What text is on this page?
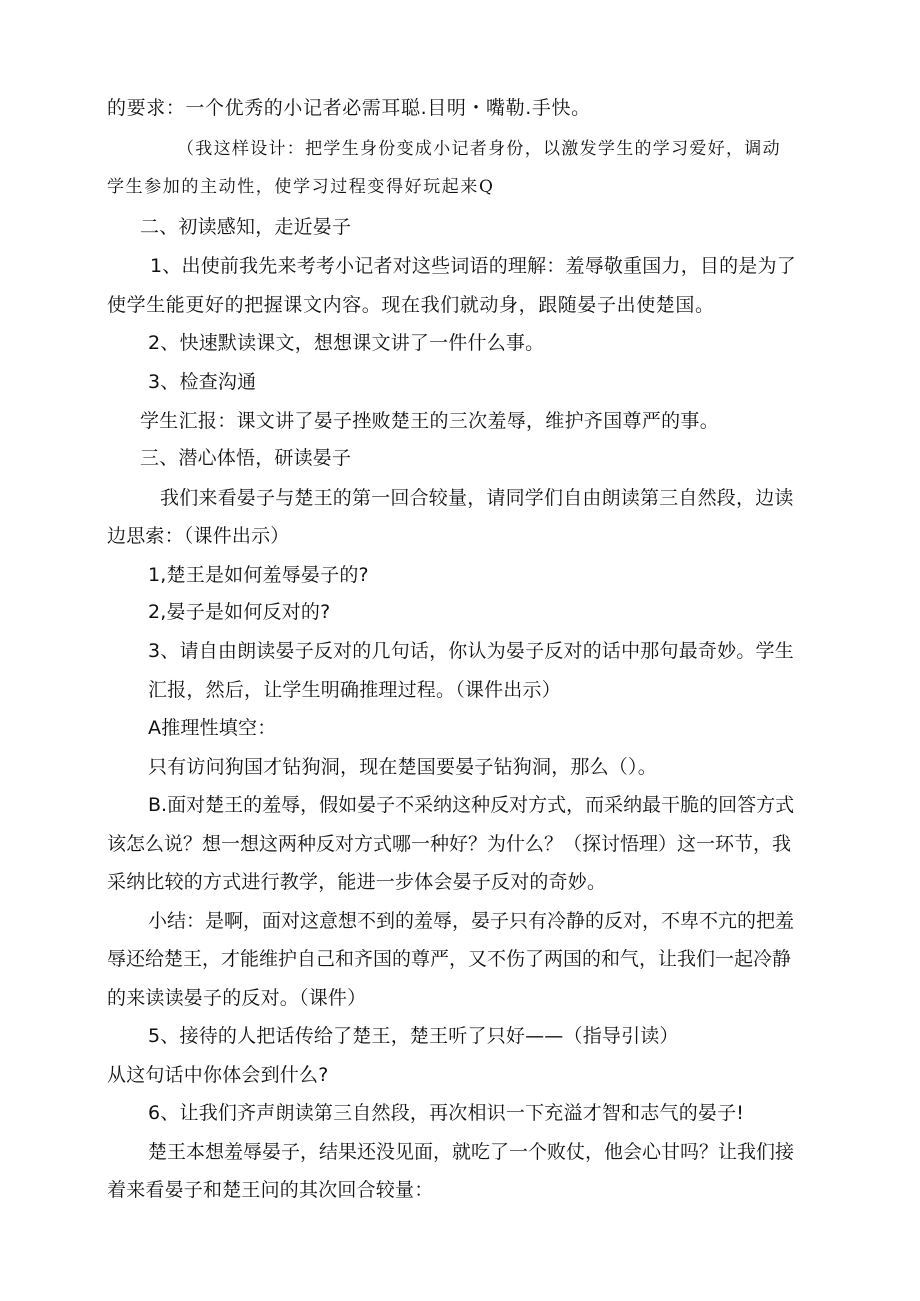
的要求：一个优秀的小记者必需耳聪.目明・嘴勒.手快。
（我这样设计：把学生身份变成小记者身份，以激发学生的学习爱好，调动
学生参加的主动性，使学习过程变得好玩起来Q
二、初读感知，走近晏子
1、出使前我先来考考小记者对这些词语的理解：羞辱敬重国力，目的是为了
使学生能更好的把握课文内容。现在我们就动身，跟随晏子出使楚国。
2、快速默读课文，想想课文讲了一件什么事。
3、检查沟通
学生汇报：课文讲了晏子挫败楚王的三次羞辱，维护齐国尊严的事。
三、潜心体悟，研读晏子
我们来看晏子与楚王的第一回合较量，请同学们自由朗读第三自然段，边读
边思索：（课件出示）
1,楚王是如何羞辱晏子的?
2,晏子是如何反对的?
3、请自由朗读晏子反对的几句话，你认为晏子反对的话中那句最奇妙。学生
汇报，然后，让学生明确推理过程。（课件出示）
A推理性填空：
只有访问狗国才钻狗洞，现在楚国要晏子钻狗洞，那么（）。
B.面对楚王的羞辱，假如晏子不采纳这种反对方式，而采纳最干脆的回答方式
该怎么说？想一想这两种反对方式哪一种好？为什么？（探讨悟理）这一环节，我
采纳比较的方式进行教学，能进一步体会晏子反对的奇妙。
小结：是啊，面对这意想不到的羞辱，晏子只有冷静的反对，不卑不亢的把羞
辱还给楚王，才能维护自己和齐国的尊严，又不伤了两国的和气，让我们一起冷静
的来读读晏子的反对。（课件）
5、接待的人把话传给了楚王，楚王听了只好——（指导引读）
从这句话中你体会到什么?
6、让我们齐声朗读第三自然段，再次相识一下充溢才智和志气的晏子!
楚王本想羞辱晏子，结果还没见面，就吃了一个败仗，他会心甘吗？让我们接
着来看晏子和楚王问的其次回合较量：
